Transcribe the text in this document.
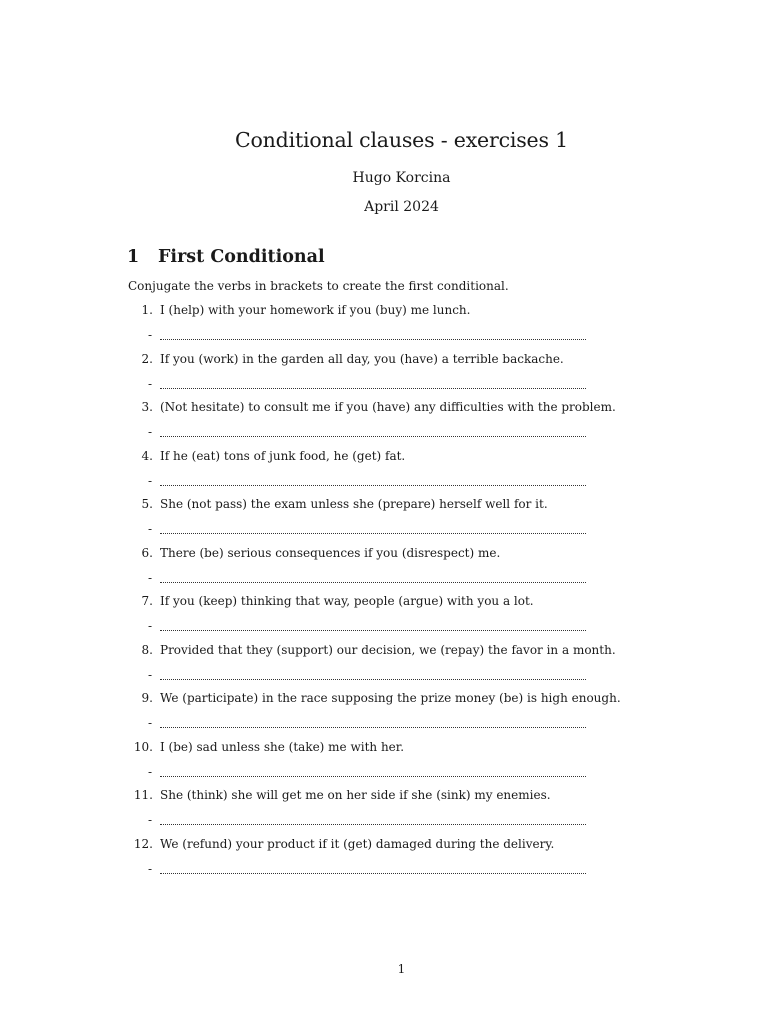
Conditional clauses - exercises 1
Hugo Korcina
April 2024
1 First Conditional
Conjugate the verbs in brackets to create the first conditional.
1. I (help) with your homework if you (buy) me lunch.
-
2. If you (work) in the garden all day, you (have) a terrible backache.
-
3. (Not hesitate) to consult me if you (have) any difficulties with the problem.
-
4. If he (eat) tons of junk food, he (get) fat.
-
5. She (not pass) the exam unless she (prepare) herself well for it.
-
6. There (be) serious consequences if you (disrespect) me.
-
7. If you (keep) thinking that way, people (argue) with you a lot.
-
8. Provided that they (support) our decision, we (repay) the favor in a month.
-
9. We (participate) in the race supposing the prize money (be) is high enough.
-
10. I (be) sad unless she (take) me with her.
-
11. She (think) she will get me on her side if she (sink) my enemies.
-
12. We (refund) your product if it (get) damaged during the delivery.
-
1
